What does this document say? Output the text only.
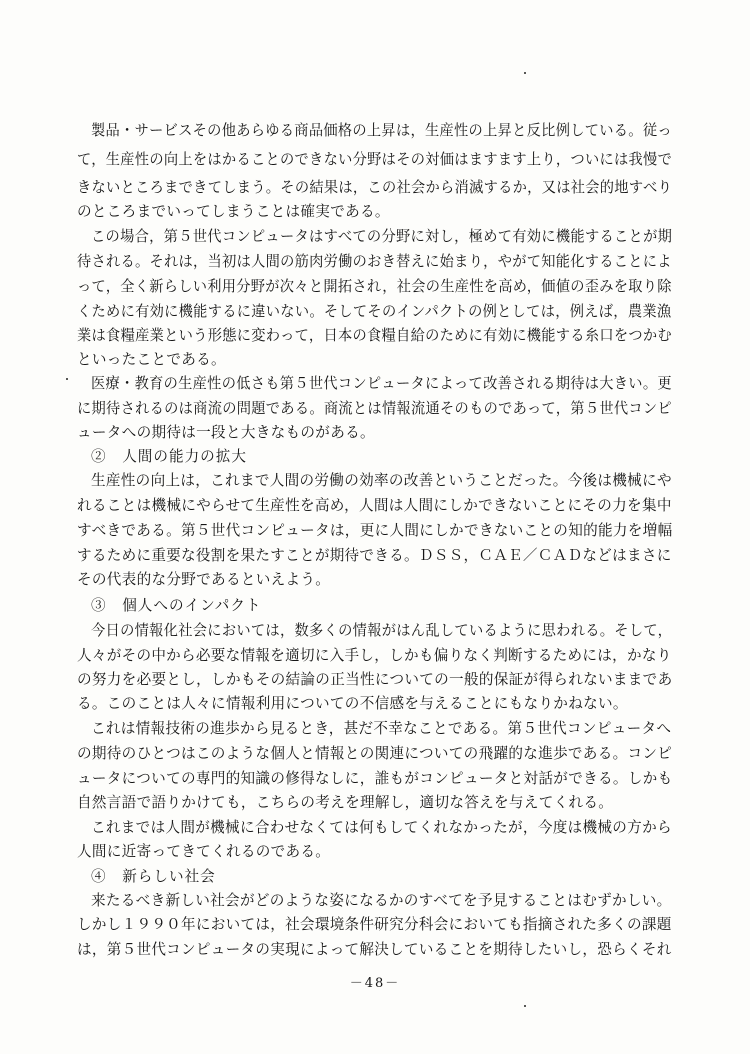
製品・サービスその他あらゆる商品価格の上昇は，生産性の上昇と反比例している。従っ
て，生産性の向上をはかることのできない分野はその対価はますます上り，ついには我慢で
きないところまできてしまう。その結果は，この社会から消滅するか，又は社会的地すべり
のところまでいってしまうことは確実である。
この場合，第５世代コンピュータはすべての分野に対し，極めて有効に機能することが期
待される。それは，当初は人間の筋肉労働のおき替えに始まり，やがて知能化することによ
って，全く新らしい利用分野が次々と開拓され，社会の生産性を高め，価値の歪みを取り除
くために有効に機能するに違いない。そしてそのインパクトの例としては，例えば，農業漁
業は食糧産業という形態に変わって，日本の食糧自給のために有効に機能する糸口をつかむ
といったことである。
医療・教育の生産性の低さも第５世代コンピュータによって改善される期待は大きい。更
に期待されるのは商流の問題である。商流とは情報流通そのものであって，第５世代コンピ
ュータへの期待は一段と大きなものがある。
②　人間の能力の拡大
生産性の向上は，これまで人間の労働の効率の改善ということだった。今後は機械にや
れることは機械にやらせて生産性を高め，人間は人間にしかできないことにその力を集中
すべきである。第５世代コンピュータは，更に人間にしかできないことの知的能力を増幅
するために重要な役割を果たすことが期待できる。ＤＳＳ，ＣＡＥ／ＣＡＤなどはまさに
その代表的な分野であるといえよう。
③　個人へのインパクト
今日の情報化社会においては，数多くの情報がはん乱しているように思われる。そして，
人々がその中から必要な情報を適切に入手し，しかも偏りなく判断するためには，かなり
の努力を必要とし，しかもその結論の正当性についての一般的保証が得られないままであ
る。このことは人々に情報利用についての不信感を与えることにもなりかねない。
これは情報技術の進歩から見るとき，甚だ不幸なことである。第５世代コンピュータへ
の期待のひとつはこのような個人と情報との関連についての飛躍的な進歩である。コンピ
ュータについての専門的知識の修得なしに，誰もがコンピュータと対話ができる。しかも
自然言語で語りかけても，こちらの考えを理解し，適切な答えを与えてくれる。
これまでは人間が機械に合わせなくては何もしてくれなかったが，今度は機械の方から
人間に近寄ってきてくれるのである。
④　新らしい社会
来たるべき新しい社会がどのような姿になるかのすべてを予見することはむずかしい。
しかし１９９０年においては，社会環境条件研究分科会においても指摘された多くの課題
は，第５世代コンピュータの実現によって解決していることを期待したいし，恐らくそれ
－48－
